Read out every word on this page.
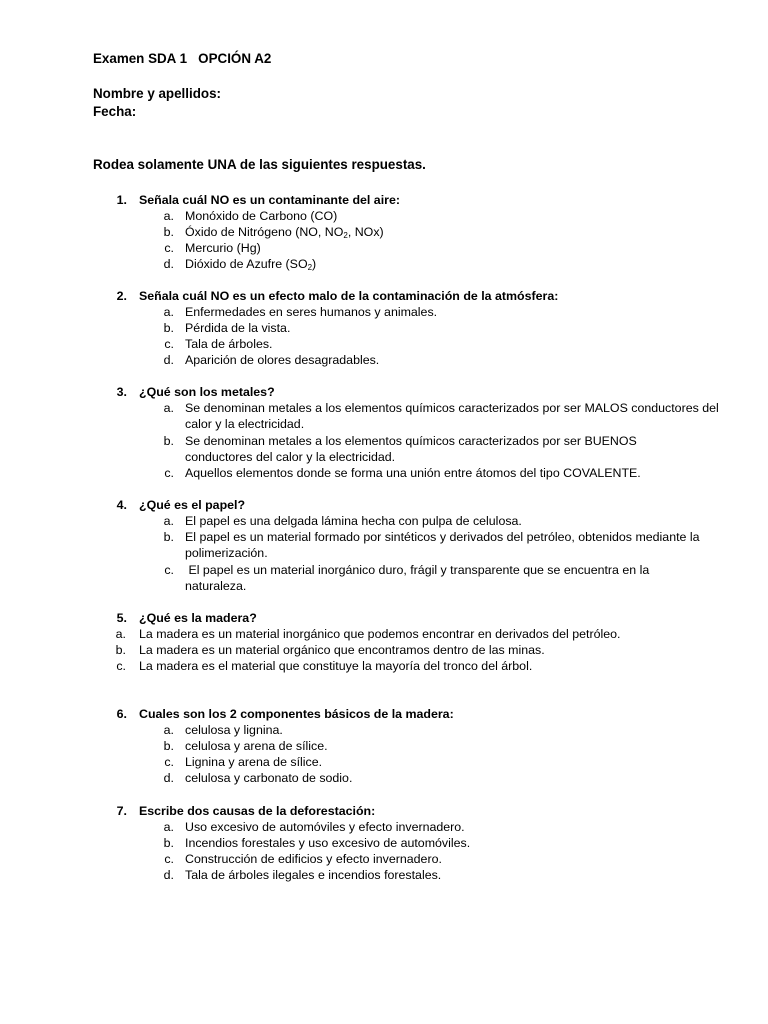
Examen SDA 1   OPCIÓN A2
Nombre y apellidos:
Fecha:
Rodea solamente UNA de las siguientes respuestas.
1. Señala cuál NO es un contaminante del aire:
a. Monóxido de Carbono (CO)
b. Óxido de Nitrógeno (NO, $NO_2$, NOx)
c. Mercurio (Hg)
d. Dióxido de Azufre $(SO_2)$
2. Señala cuál NO es un efecto malo de la contaminación de la atmósfera:
a. Enfermedades en seres humanos y animales.
b. Pérdida de la vista.
c. Tala de árboles.
d. Aparición de olores desagradables.
3. ¿Qué son los metales?
a. Se denominan metales a los elementos químicos caracterizados por ser MALOS conductores del calor y la electricidad.
b. Se denominan metales a los elementos químicos caracterizados por ser BUENOS conductores del calor y la electricidad.
c. Aquellos elementos donde se forma una unión entre átomos del tipo COVALENTE.
4. ¿Qué es el papel?
a. El papel es una delgada lámina hecha con pulpa de celulosa.
b. El papel es un material formado por sintéticos y derivados del petróleo, obtenidos mediante la polimerización.
c. El papel es un material inorgánico duro, frágil y transparente que se encuentra en la naturaleza.
5. ¿Qué es la madera?
a. La madera es un material inorgánico que podemos encontrar en derivados del petróleo.
b. La madera es un material orgánico que encontramos dentro de las minas.
c. La madera es el material que constituye la mayoría del tronco del árbol.
6. Cuales son los 2 componentes básicos de la madera:
a. celulosa y lignina.
b. celulosa y arena de sílice.
c. Lignina y arena de sílice.
d. celulosa y carbonato de sodio.
7. Escribe dos causas de la deforestación:
a. Uso excesivo de automóviles y efecto invernadero.
b. Incendios forestales y uso excesivo de automóviles.
c. Construcción de edificios y efecto invernadero.
d. Tala de árboles ilegales e incendios forestales.
